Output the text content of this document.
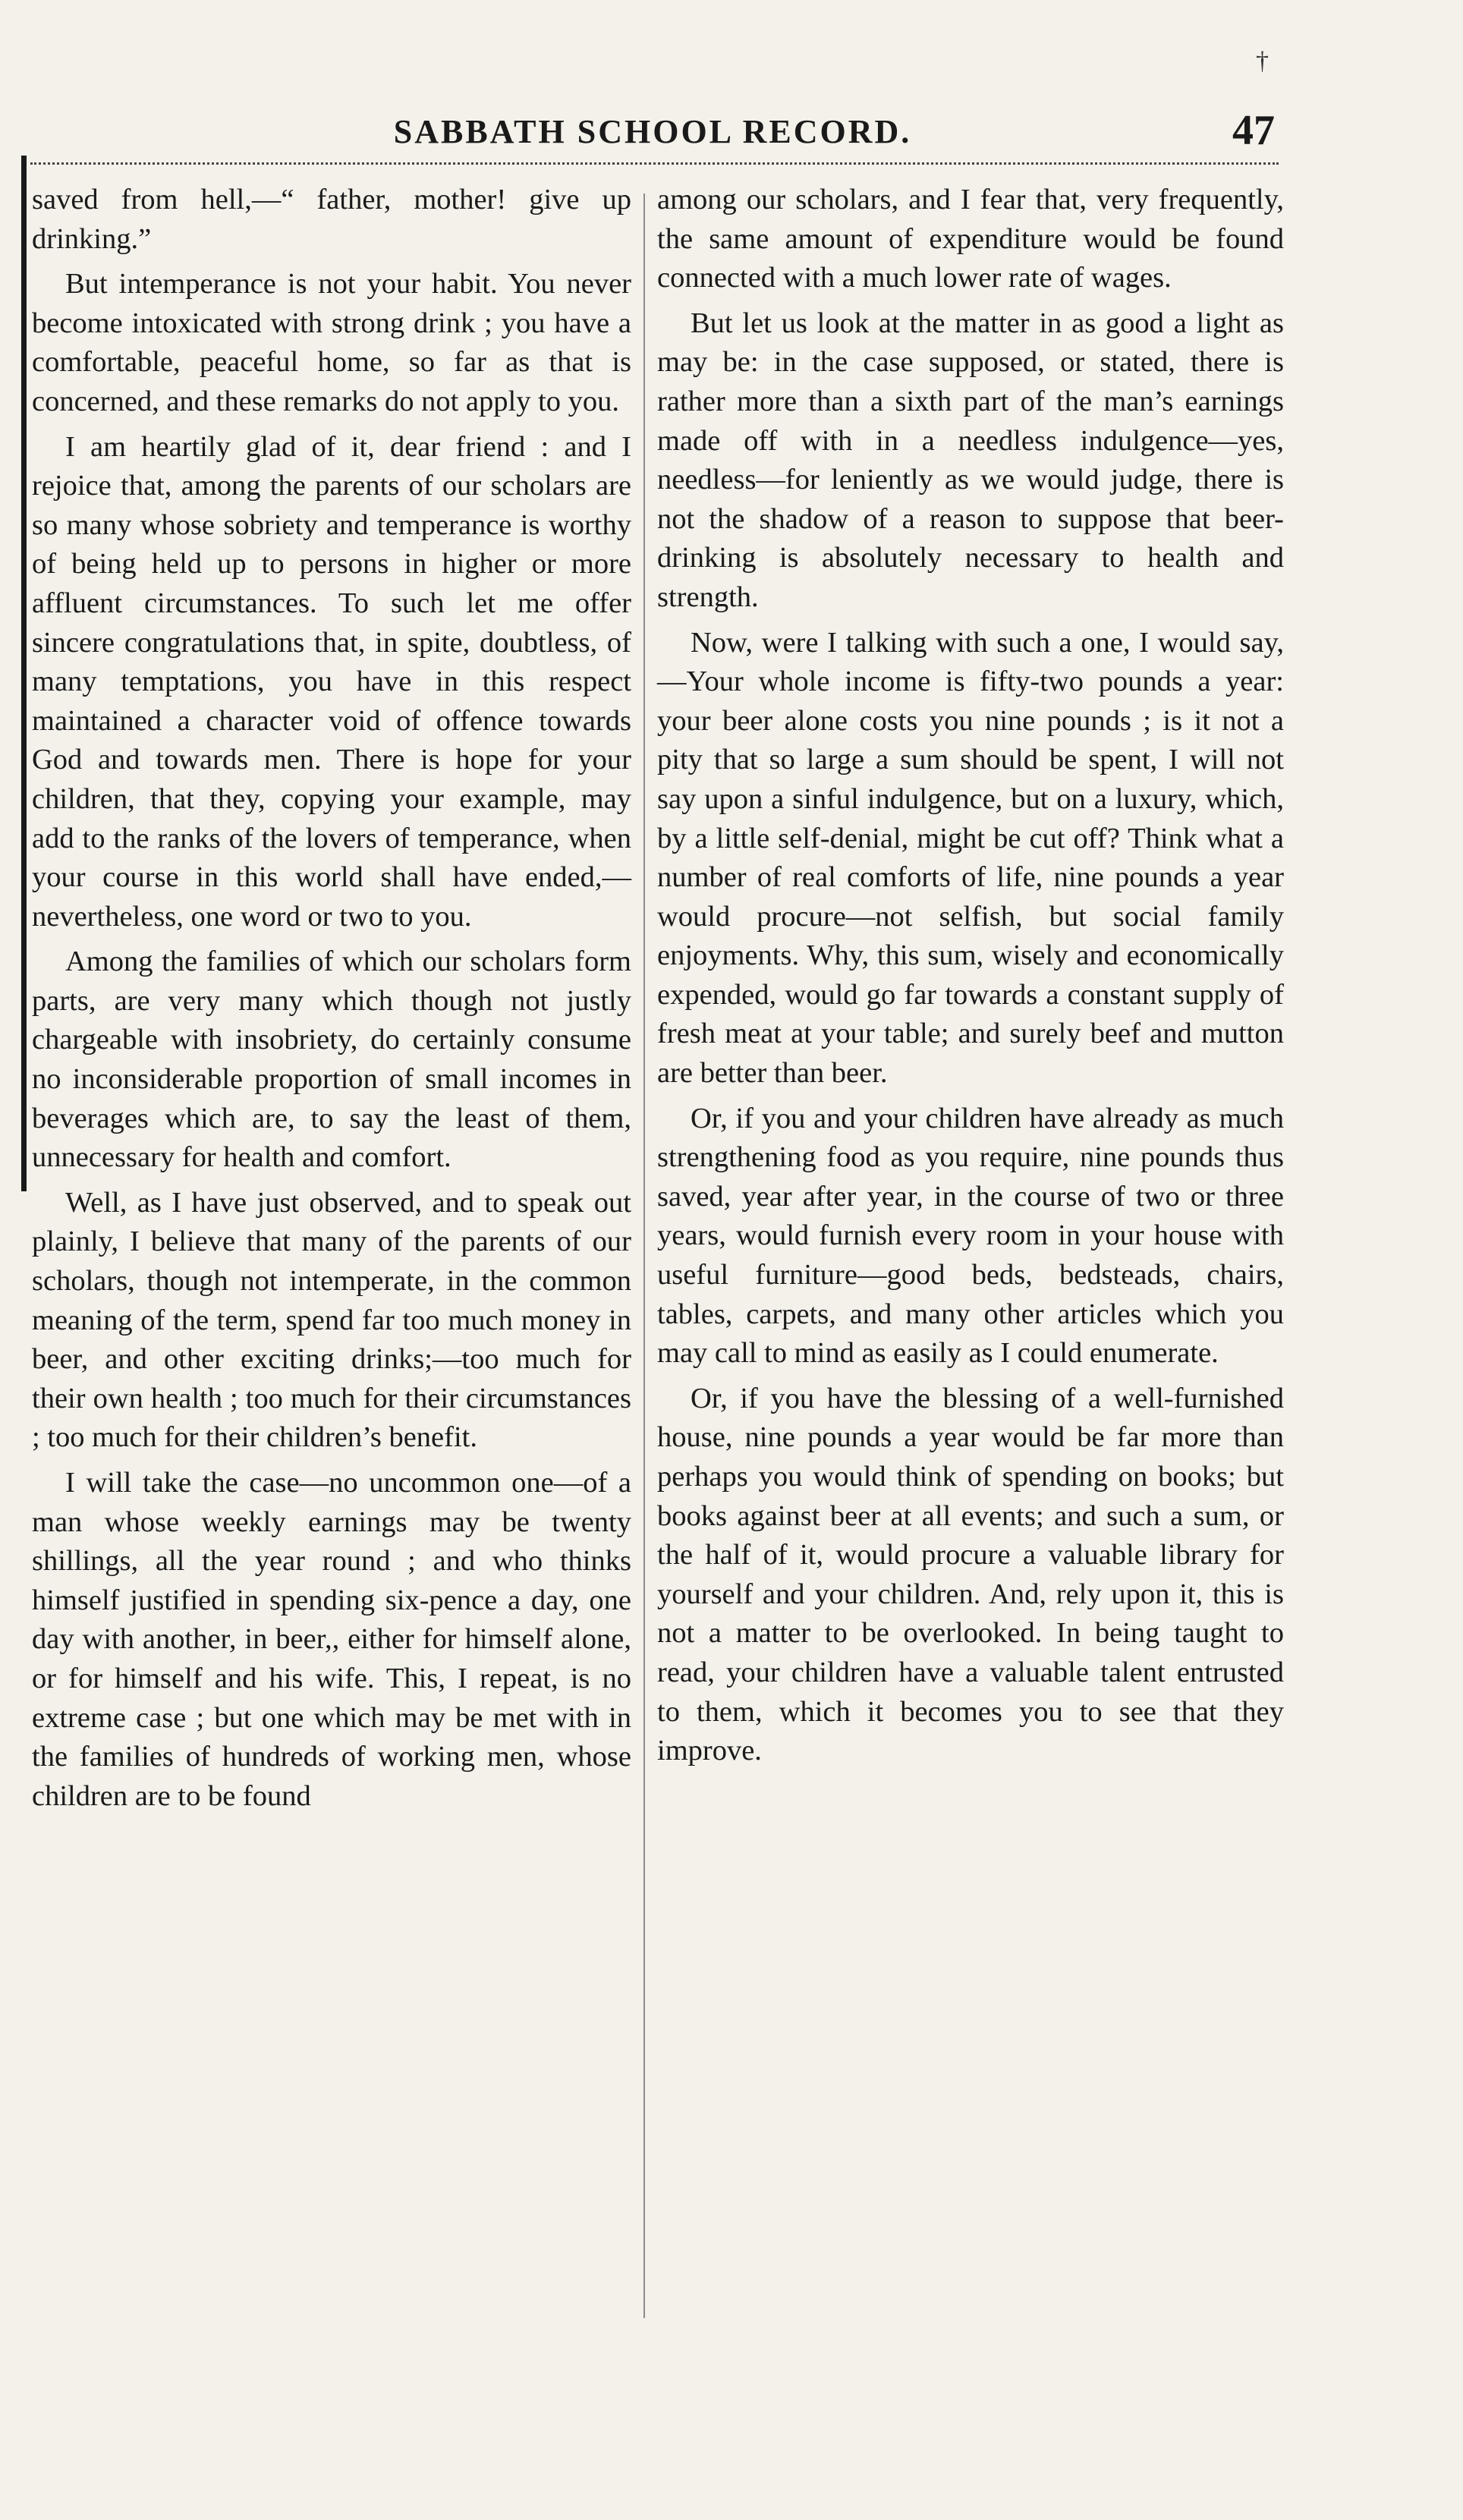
†
SABBATH SCHOOL RECORD.	47

saved from hell,—“ father, mother! give up drinking.”

But intemperance is not your habit. You never become intoxicated with strong drink ; you have a comfortable, peaceful home, so far as that is concerned, and these remarks do not apply to you.

I am heartily glad of it, dear friend : and I rejoice that, among the parents of our scholars are so many whose sobriety and temperance is worthy of being held up to persons in higher or more affluent circumstances. To such let me offer sincere congratulations that, in spite, doubtless, of many temptations, you have in this respect maintained a character void of offence towards God and towards men. There is hope for your children, that they, copying your example, may add to the ranks of the lovers of temperance, when your course in this world shall have ended,—nevertheless, one word or two to you.

Among the families of which our scholars form parts, are very many which though not justly chargeable with insobriety, do certainly consume no inconsiderable proportion of small incomes in beverages which are, to say the least of them, unnecessary for health and comfort.

Well, as I have just observed, and to speak out plainly, I believe that many of the parents of our scholars, though not intemperate, in the common meaning of the term, spend far too much money in beer, and other exciting drinks;—too much for their own health ; too much for their circumstances ; too much for their children’s benefit.

I will take the case—no uncommon one—of a man whose weekly earnings may be twenty shillings, all the year round ; and who thinks himself justified in spending six-pence a day, one day with another, in beer,, either for himself alone, or for himself and his wife. This, I repeat, is no extreme case ; but one which may be met with in the families of hundreds of working men, whose children are to be found

among our scholars, and I fear that, very frequently, the same amount of expenditure would be found connected with a much lower rate of wages.

But let us look at the matter in as good a light as may be: in the case supposed, or stated, there is rather more than a sixth part of the man’s earnings made off with in a needless indulgence—yes, needless—for leniently as we would judge, there is not the shadow of a reason to suppose that beer-drinking is absolutely necessary to health and strength.

Now, were I talking with such a one, I would say,—Your whole income is fifty-two pounds a year: your beer alone costs you nine pounds ; is it not a pity that so large a sum should be spent, I will not say upon a sinful indulgence, but on a luxury, which, by a little self-denial, might be cut off? Think what a number of real comforts of life, nine pounds a year would procure—not selfish, but social family enjoyments. Why, this sum, wisely and economically expended, would go far towards a constant supply of fresh meat at your table; and surely beef and mutton are better than beer.

Or, if you and your children have already as much strengthening food as you require, nine pounds thus saved, year after year, in the course of two or three years, would furnish every room in your house with useful furniture—good beds, bedsteads, chairs, tables, carpets, and many other articles which you may call to mind as easily as I could enumerate.

Or, if you have the blessing of a well-furnished house, nine pounds a year would be far more than perhaps you would think of spending on books; but books against beer at all events; and such a sum, or the half of it, would procure a valuable library for yourself and your children. And, rely upon it, this is not a matter to be overlooked. In being taught to read, your children have a valuable talent entrusted to them, which it becomes you to see that they improve.
